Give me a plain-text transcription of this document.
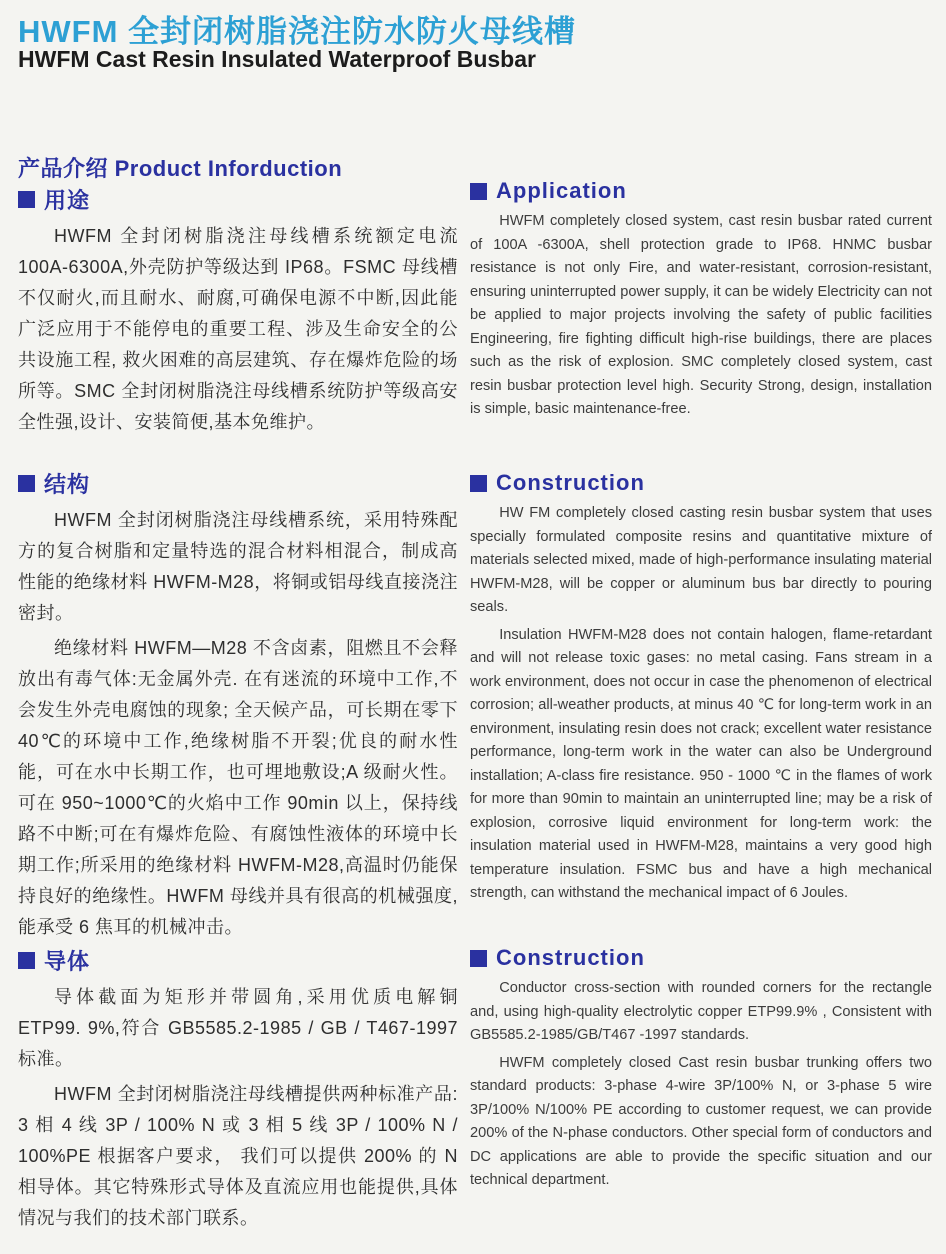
HWFM 全封闭树脂浇注防水防火母线槽
HWFM Cast Resin Insulated Waterproof Busbar
产品介绍 Product Inforduction
用途

HWFM 全封闭树脂浇注母线槽系统额定电流 100A-6300A,外壳防护等级达到 IP68。FSMC 母线槽不仅耐火,而且耐水、耐腐,可确保电源不中断,因此能广泛应用于不能停电的重要工程、涉及生命安全的公共设施工程, 救火困难的高层建筑、存在爆炸危险的场所等。SMC 全封闭树脂浇注母线槽系统防护等级高安全性强,设计、安装简便,基本免维护。

结构

HWFM 全封闭树脂浇注母线槽系统，采用特殊配方的复合树脂和定量特选的混合材料相混合，制成高性能的绝缘材料 HWFM-M28，将铜或铝母线直接浇注密封。

绝缘材料 HWFM—M28 不含卤素，阻燃且不会释放出有毒气体:无金属外壳. 在有迷流的环境中工作,不会发生外壳电腐蚀的现象; 全天候产品，可长期在零下 40℃的环境中工作,绝缘树脂不开裂;优良的耐水性能，可在水中长期工作，也可埋地敷设;A 级耐火性。可在 950~1000℃的火焰中工作 90min 以上，保持线路不中断;可在有爆炸危险、有腐蚀性液体的环境中长期工作;所采用的绝缘材料 HWFM-M28,高温时仍能保持良好的绝缘性。HWFM 母线并具有很高的机械强度,能承受 6 焦耳的机械冲击。

导体

导体截面为矩形并带圆角,采用优质电解铜 ETP99. 9%,符合 GB5585.2-1985 / GB / T467-1997 标准。

HWFM 全封闭树脂浇注母线槽提供两种标准产品: 3 相 4 线 3P / 100% N 或 3 相 5 线 3P / 100% N / 100%PE 根据客户要求， 我们可以提供 200% 的 N 相导体。其它特殊形式导体及直流应用也能提供,具体情况与我们的技术部门联系。

Application

HWFM completely closed system, cast resin busbar rated current of 100A -6300A, shell protection grade to IP68. HNMC busbar resistance is not only Fire, and water-resistant, corrosion-resistant, ensuring uninterrupted power supply, it can be widely Electricity can not be applied to major projects involving the safety of public facilities Engineering, fire fighting difficult high-rise buildings, there are places such as the risk of explosion. SMC completely closed system, cast resin busbar protection level high. Security Strong, design, installation is simple, basic maintenance-free.

Construction

HW FM completely closed casting resin busbar system that uses specially formulated composite resins and quantitative mixture of materials selected mixed, made of high-performance insulating material HWFM-M28, will be copper or aluminum bus bar directly to pouring seals.

Insulation HWFM-M28 does not contain halogen, flame-retardant and will not release toxic gases: no metal casing. Fans stream in a work environment, does not occur in case the phenomenon of electrical corrosion; all-weather products, at minus 40 ℃ for long-term work in an environment, insulating resin does not crack; excellent water resistance performance, long-term work in the water can also be Underground installation; A-class fire resistance. 950 - 1000 ℃ in the flames of work for more than 90min to maintain an uninterrupted line; may be a risk of explosion, corrosive liquid environment for long-term work: the insulation material used in HWFM-M28, maintains a very good high temperature insulation. FSMC bus and have a high mechanical strength, can withstand the mechanical impact of 6 Joules.

Construction

Conductor cross-section with rounded corners for the rectangle and, using high-quality electrolytic copper ETP99.9% , Consistent with GB5585.2-1985/GB/T467 -1997 standards.

HWFM completely closed Cast resin busbar trunking offers two standard products: 3-phase 4-wire 3P/100% N, or 3-phase 5 wire 3P/100% N/100% PE according to customer request, we can provide 200% of the N-phase conductors. Other special form of conductors and DC applications are able to provide the specific situation and our technical department.
